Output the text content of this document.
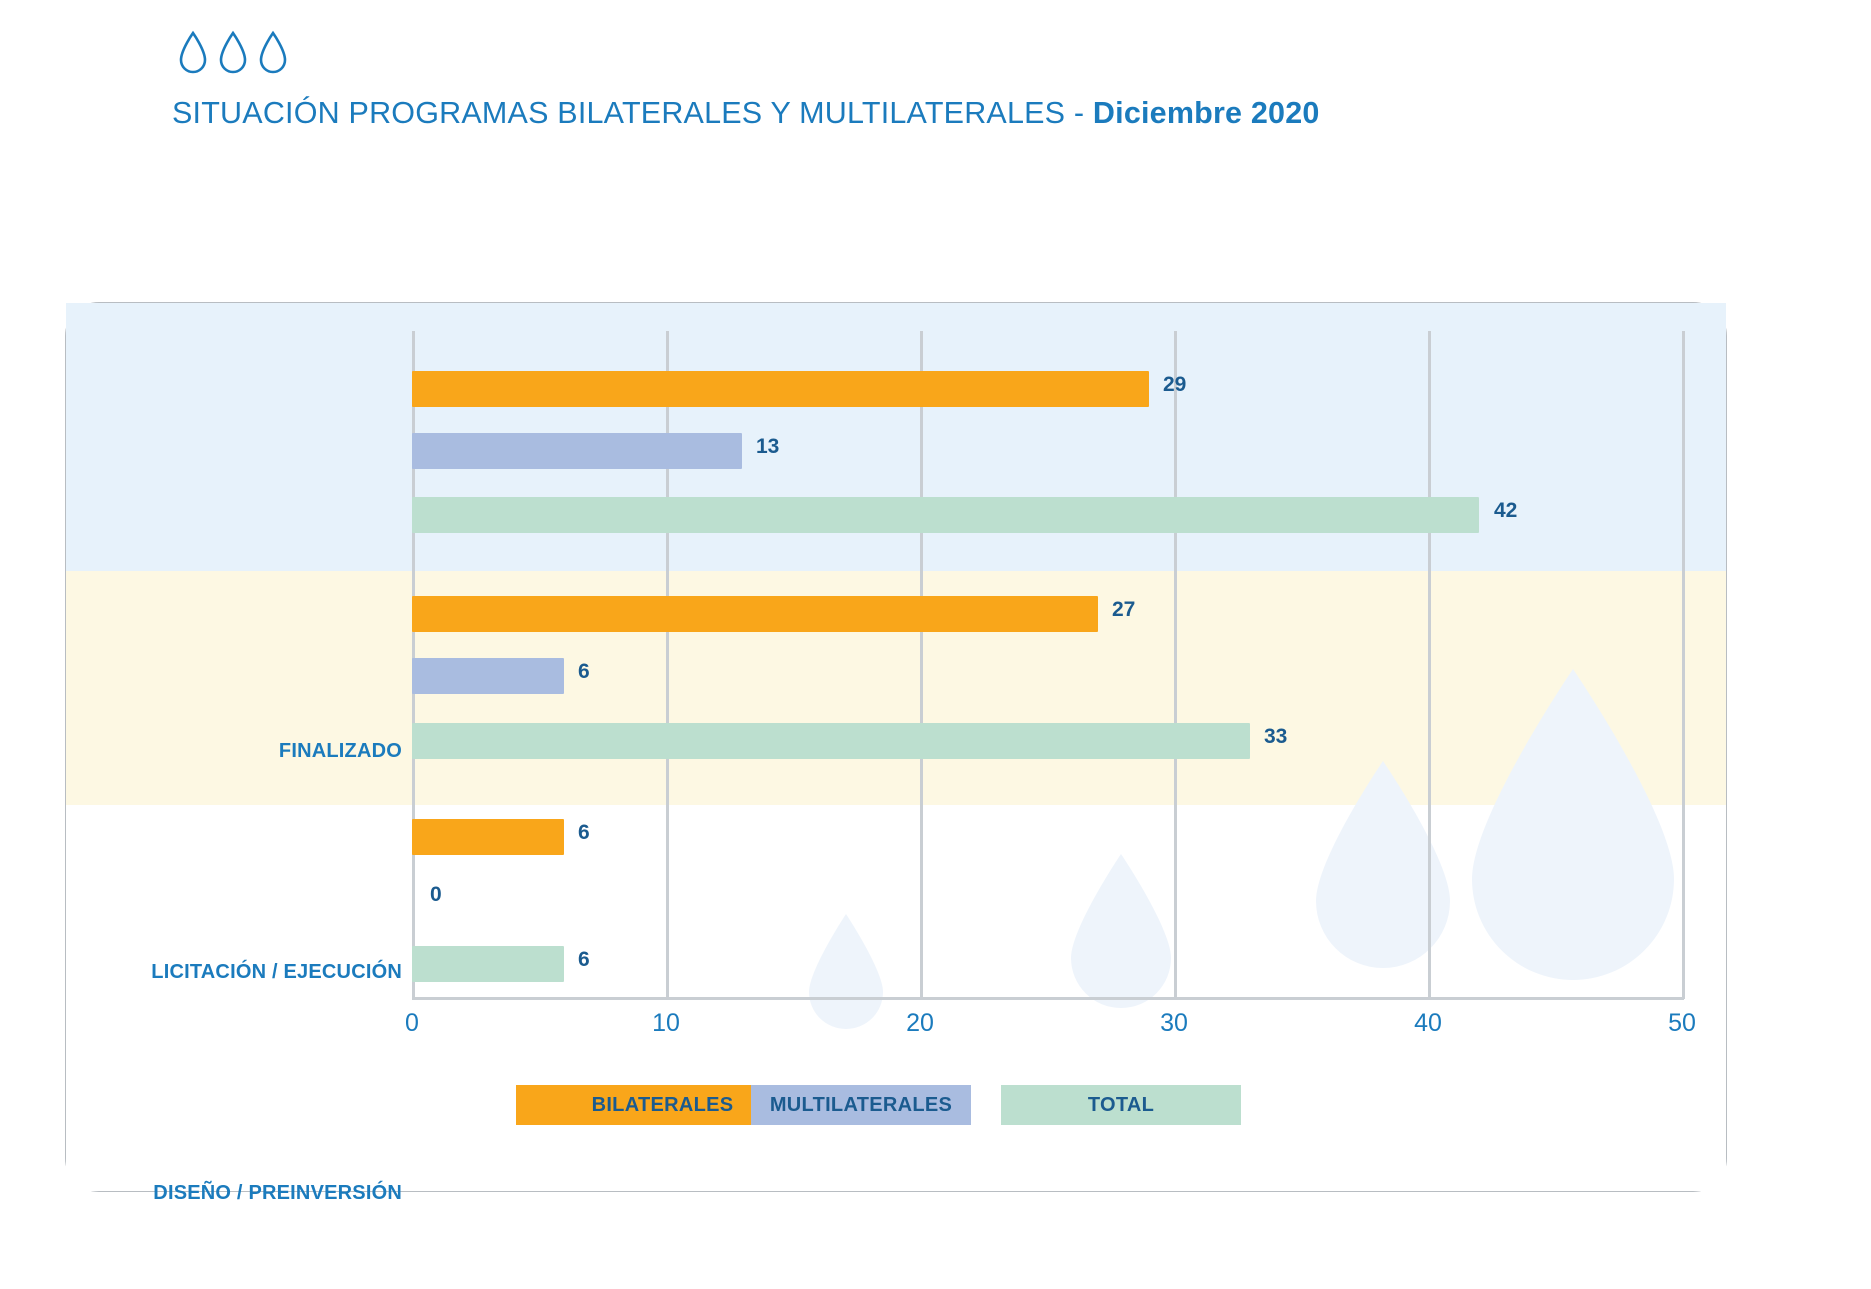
SITUACIÓN PROGRAMAS BILATERALES Y MULTILATERALES - Diciembre 2020
0	10	20	30	40	50
FINALIZADO
29
13
42
LICITACIÓN / EJECUCIÓN
27
6
33
DISEÑO / PREINVERSIÓN
6
0
6
BILATERALES MULTILATERALES	TOTAL
